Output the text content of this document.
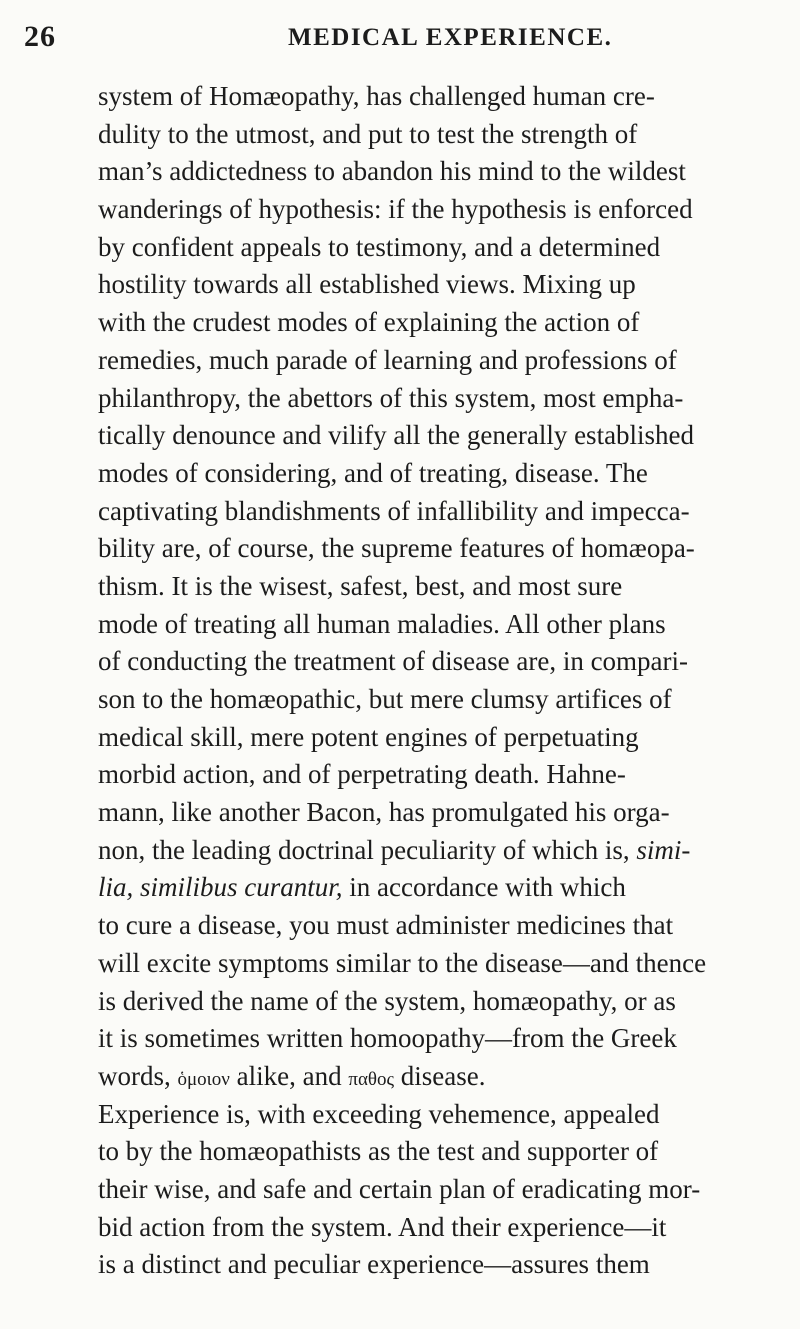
26	MEDICAL EXPERIENCE.
system of Homæopathy, has challenged human cre-
dulity to the utmost, and put to test the strength of
man’s addictedness to abandon his mind to the wildest
wanderings of hypothesis: if the hypothesis is enforced
by confident appeals to testimony, and a determined
hostility towards all established views. Mixing up
with the crudest modes of explaining the action of
remedies, much parade of learning and professions of
philanthropy, the abettors of this system, most empha-
tically denounce and vilify all the generally established
modes of considering, and of treating, disease. The
captivating blandishments of infallibility and impecca-
bility are, of course, the supreme features of homæopa-
thism. It is the wisest, safest, best, and most sure
mode of treating all human maladies. All other plans
of conducting the treatment of disease are, in compari-
son to the homæopathic, but mere clumsy artifices of
medical skill, mere potent engines of perpetuating
morbid action, and of perpetrating death. Hahne-
mann, like another Bacon, has promulgated his orga-
non, the leading doctrinal peculiarity of which is, simi-
lia, similibus curantur, in accordance with which
to cure a disease, you must administer medicines that
will excite symptoms similar to the disease—and thence
is derived the name of the system, homæopathy, or as
it is sometimes written homoopathy—from the Greek
words, ὁμοιον alike, and παθος disease.
Experience is, with exceeding vehemence, appealed
to by the homæopathists as the test and supporter of
their wise, and safe and certain plan of eradicating mor-
bid action from the system. And their experience—it
is a distinct and peculiar experience—assures them
